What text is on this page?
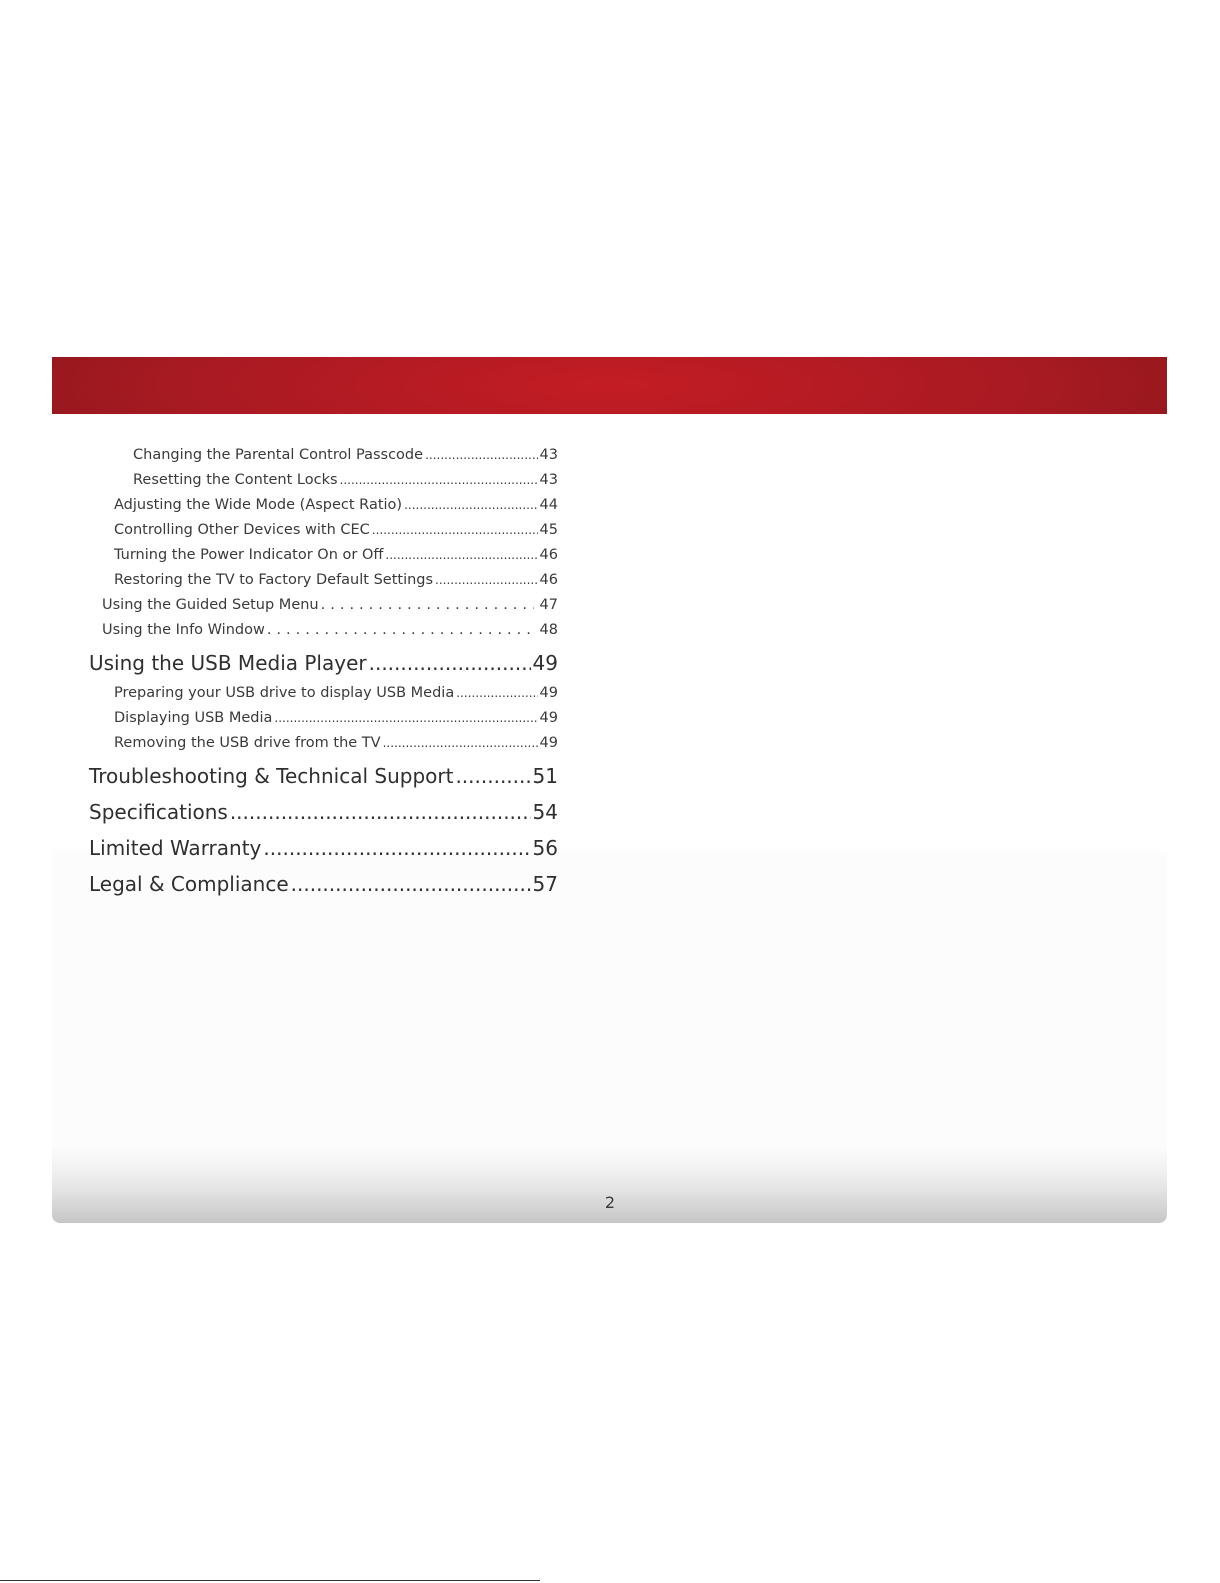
Changing the Parental Control Passcode .....	43
Resetting the Content Locks .....	43
Adjusting the Wide Mode (Aspect Ratio) .....	44
Controlling Other Devices with CEC .....	45
Turning the Power Indicator On or Off .....	46
Restoring the TV to Factory Default Settings .....	46
Using the Guided Setup Menu .....	47
Using the Info Window .....	48
Using the USB Media Player .....	49
Preparing your USB drive to display USB Media .....	49
Displaying USB Media .....	49
Removing the USB drive from the TV .....	49
Troubleshooting & Technical Support .....	51
Specifications .....	54
Limited Warranty .....	56
Legal & Compliance .....	57
2
